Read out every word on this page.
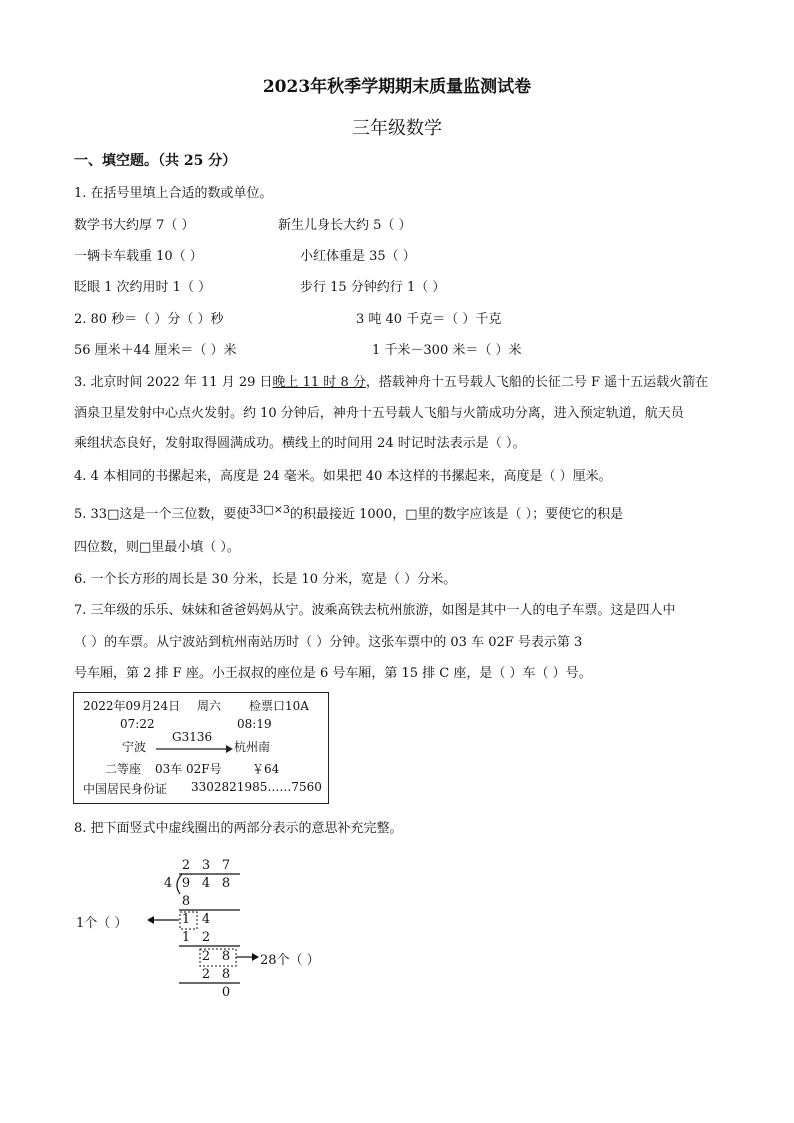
2023年秋季学期期末质量监测试卷
三年级数学
一、填空题。（共 25 分）
1. 在括号里填上合适的数或单位。
数学书大约厚 7（ ）	新生儿身长大约 5（ ）
一辆卡车载重 10（ ）	小红体重是 35（ ）
眨眼 1 次约用时 1（ ）	步行 15 分钟约行 1（ ）
2. 80 秒＝（ ）分（ ）秒	3 吨 40 千克＝（ ）千克
56 厘米＋44 厘米＝（ ）米	1 千米－300 米＝（ ）米
3. 北京时间 2022 年 11 月 29 日晚上 11 时 8 分，搭载神舟十五号载人飞船的长征二号 F 遥十五运载火箭在
酒泉卫星发射中心点火发射。约 10 分钟后，神舟十五号载人飞船与火箭成功分离，进入预定轨道，航天员
乘组状态良好，发射取得圆满成功。横线上的时间用 24 时记时法表示是（ ）。
4. 4 本相同的书摞起来，高度是 24 毫米。如果把 40 本这样的书摞起来，高度是（ ）厘米。
5. 33□这是一个三位数，要使$^{33□\times 3}$的积最接近 1000，□里的数字应该是（ ）；要使它的积是
四位数，则□里最小填（ ）。
6. 一个长方形的周长是 30 分米，长是 10 分米，宽是（ ）分米。
7. 三年级的乐乐、妹妹和爸爸妈妈从宁。波乘高铁去杭州旅游，如图是其中一人的电子车票。这是四人中
（ ）的车票。从宁波站到杭州南站历时（ ）分钟。这张车票中的 03 车 02F 号表示第 3
号车厢，第 2 排 F 座。小王叔叔的座位是 6 号车厢，第 15 排 C 座，是（ ）车（ ）号。
2022年09月24日 周六 检票口10A
07:22	08:19
宁波
G3136
杭州南
二等座 03车 02F号	￥64
中国居民身份证 3302821985……7560
8. 把下面竖式中虚线圈出的两部分表示的意思补充完整。
2 3 7
4 9 4 8
8
1 4
1 2
2 8
2 8
0
1个（ ）
28个（ ）
